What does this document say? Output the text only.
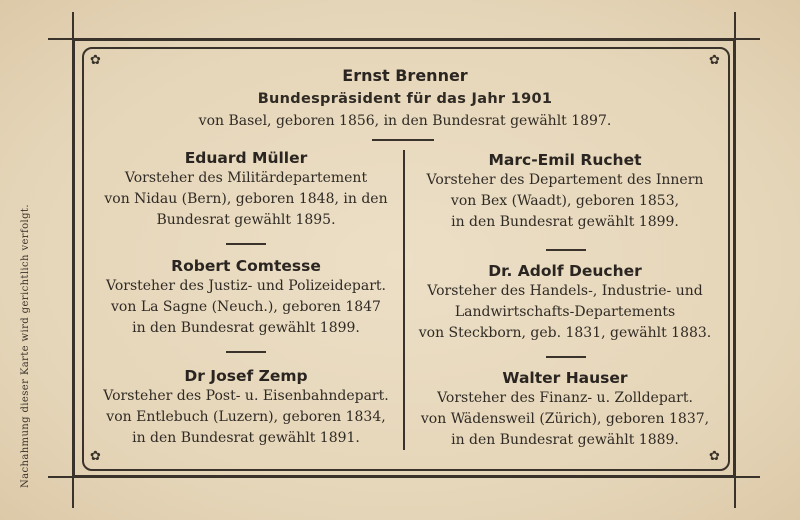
✿	✿
✿	✿
Nachahmung dieser Karte wird gerichtlich verfolgt.

Ernst Brenner

Bundespräsident für das Jahr 1901

von Basel, geboren 1856, in den Bundesrat gewählt 1897.

Eduard Müller

Vorsteher des Militärdepartement

von Nidau (Bern), geboren 1848, in den

Bundesrat gewählt 1895.

Robert Comtesse

Vorsteher des Justiz- und Polizeidepart.

von La Sagne (Neuch.), geboren 1847

in den Bundesrat gewählt 1899.

Dr Josef Zemp

Vorsteher des Post- u. Eisenbahndepart.

von Entlebuch (Luzern), geboren 1834,

in den Bundesrat gewählt 1891.

Marc-Emil Ruchet

Vorsteher des Departement des Innern

von Bex (Waadt), geboren 1853,

in den Bundesrat gewählt 1899.

Dr. Adolf Deucher

Vorsteher des Handels-, Industrie- und

Landwirtschafts-Departements

von Steckborn, geb. 1831, gewählt 1883.

Walter Hauser

Vorsteher des Finanz- u. Zolldepart.

von Wädensweil (Zürich), geboren 1837,

in den Bundesrat gewählt 1889.
